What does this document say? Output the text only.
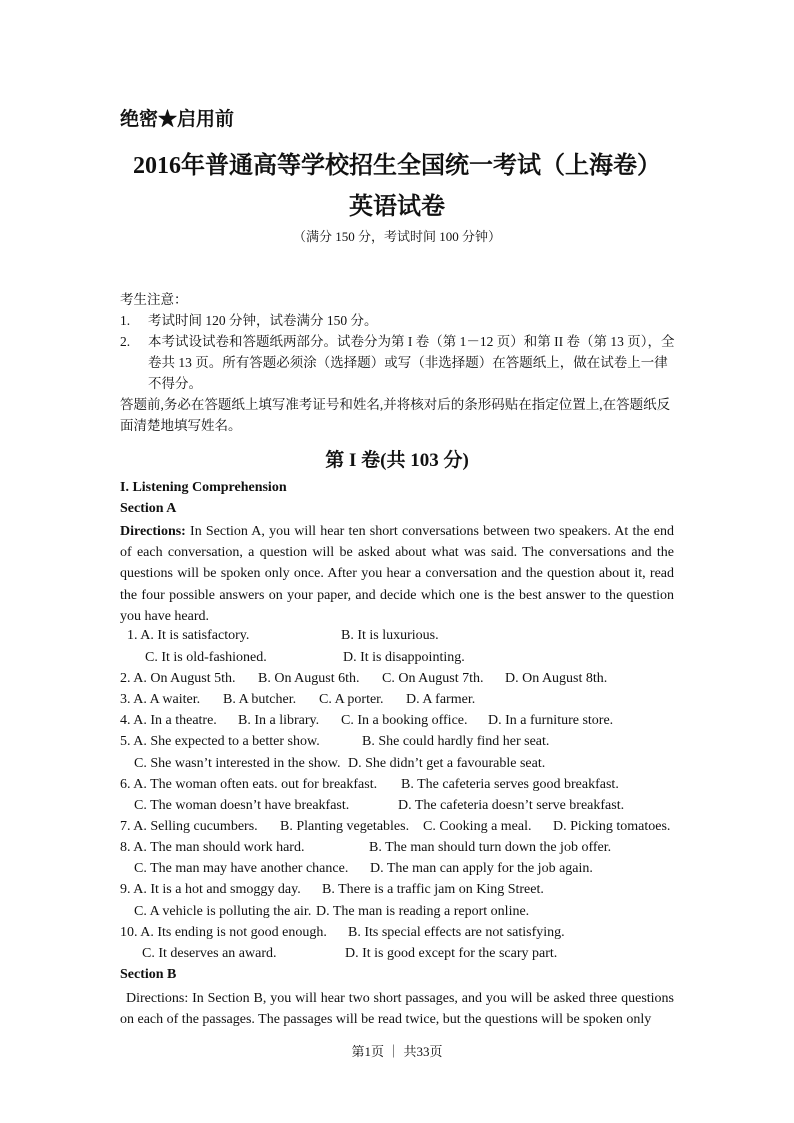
绝密★启用前
2016年普通高等学校招生全国统一考试（上海卷）
英语试卷
（满分 150 分，考试时间 100 分钟）
考生注意：
1. 考试时间 120 分钟，试卷满分 150 分。
2. 本考试设试卷和答题纸两部分。试卷分为第 I 卷（第 1－12 页）和第 II 卷（第 13 页），全卷共 13 页。所有答题必须涂（选择题）或写（非选择题）在答题纸上，做在试卷上一律不得分。
答题前,务必在答题纸上填写准考证号和姓名,并将核对后的条形码贴在指定位置上,在答题纸反面清楚地填写姓名。
第 I 卷(共 103 分)
I. Listening Comprehension
Section A
Directions: In Section A, you will hear ten short conversations between two speakers. At the end of each conversation, a question will be asked about what was said. The conversations and the questions will be spoken only once. After you hear a conversation and the question about it, read the four possible answers on your paper, and decide which one is the best answer to the question you have heard.
1. A. It is satisfactory.	B. It is luxurious.
C. It is old-fashioned.	D. It is disappointing.
2. A. On August 5th. B. On August 6th. C. On August 7th. D. On August 8th.
3. A. A waiter. B. A butcher. C. A porter. D. A farmer.
4. A. In a theatre. B. In a library. C. In a booking office. D. In a furniture store.
5. A. She expected to a better show.	B. She could hardly find her seat.
C. She wasn’t interested in the show. D. She didn’t get a favourable seat.
6. A. The woman often eats. out for breakfast. B. The cafeteria serves good breakfast.
C. The woman doesn’t have breakfast.	D. The cafeteria doesn’t serve breakfast.
7. A. Selling cucumbers. B. Planting vegetables. C. Cooking a meal. D. Picking tomatoes.
8. A. The man should work hard.	B. The man should turn down the job offer.
C. The man may have another chance. D. The man can apply for the job again.
9. A. It is a hot and smoggy day. B. There is a traffic jam on King Street.
C. A vehicle is polluting the air. D. The man is reading a report online.
10. A. Its ending is not good enough. B. Its special effects are not satisfying.
C. It deserves an award.	D. It is good except for the scary part.
Section B
Directions: In Section B, you will hear two short passages, and you will be asked three questions on each of the passages. The passages will be read twice, but the questions will be spoken only
第1页 ｜ 共33页
